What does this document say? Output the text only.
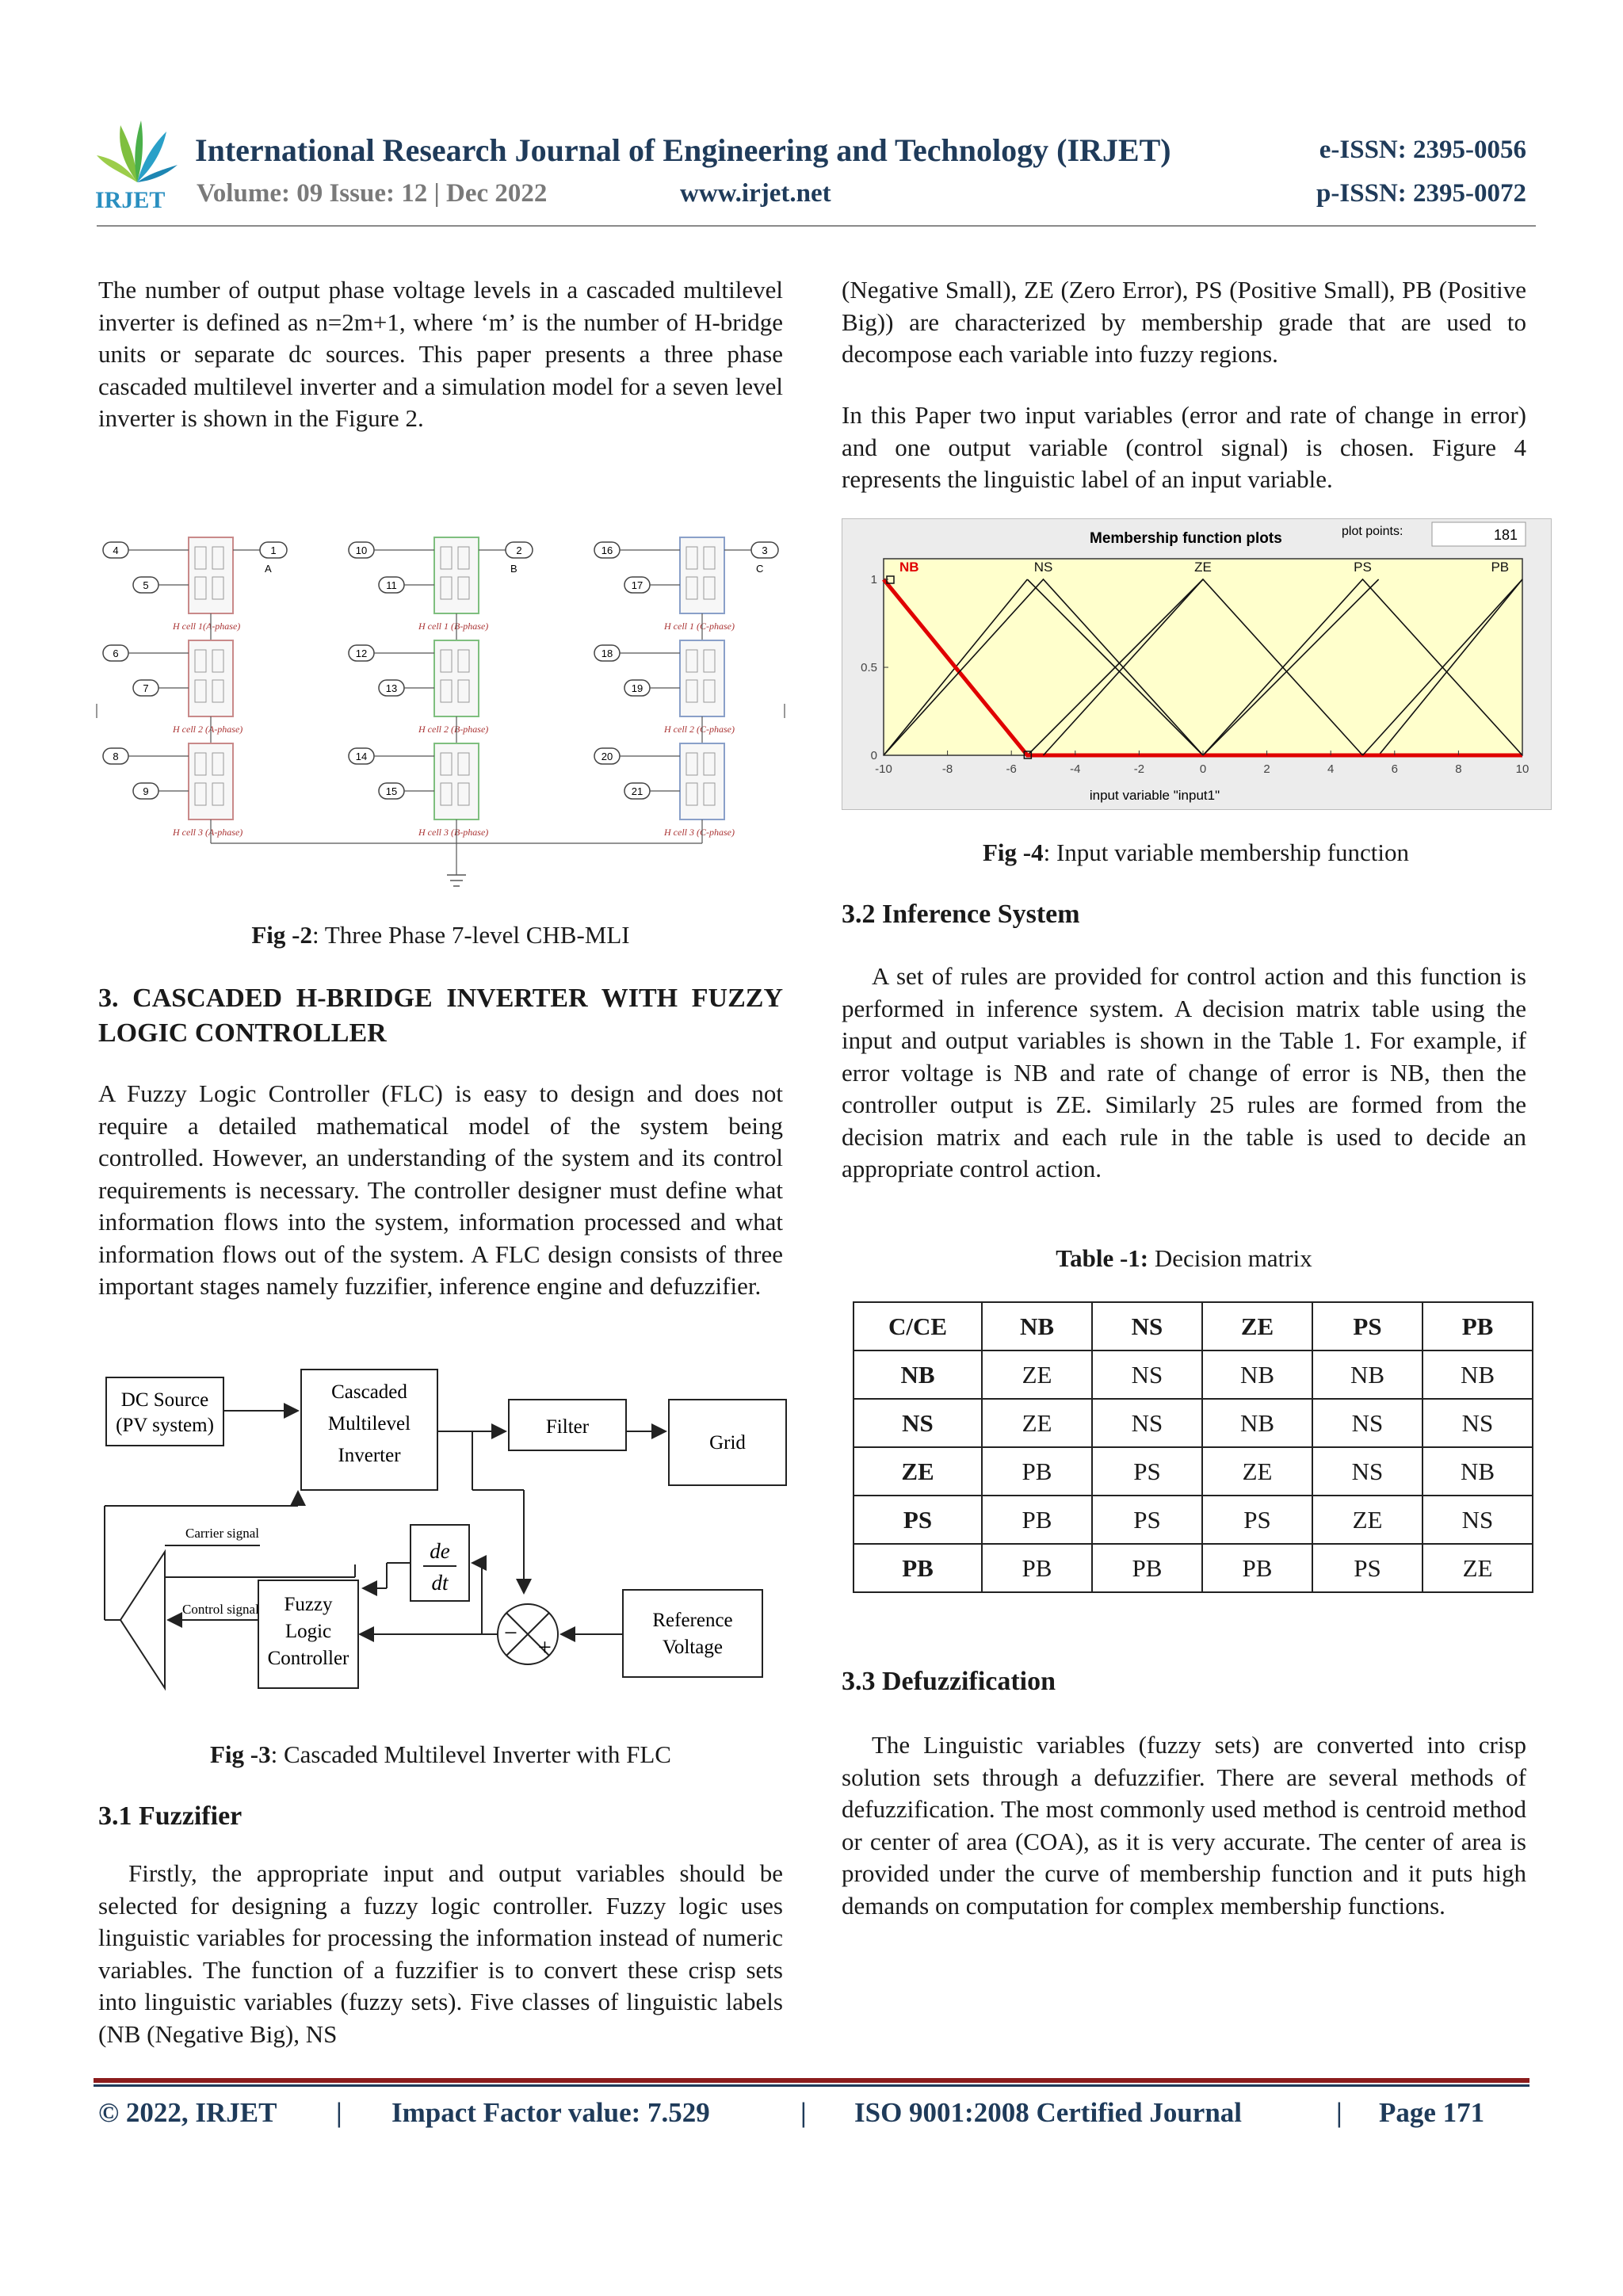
IRJET
International Research Journal of Engineering and Technology (IRJET)	e-ISSN: 2395-0056
Volume: 09 Issue: 12 | Dec 2022	www.irjet.net	p-ISSN: 2395-0072
The number of output phase voltage levels in a cascaded multilevel inverter is defined as n=2m+1, where ‘m’ is the number of H-bridge units or separate dc sources. This paper presents a three phase cascaded multilevel inverter and a simulation model for a seven level inverter is shown in the Figure 2.
H cell 1(A-phase)
4
5
H cell 2 (A-phase)
6
7
H cell 3 (A-phase)
8
9
1
A
H cell 1 (B-phase)
10
11
H cell 2 (B-phase)
12
13
H cell 3 (B-phase)
14
15
2
B
H cell 1 (C-phase)
16
17
H cell 2 (C-phase)
18
19
H cell 3 (C-phase)
20
21
3
C
Fig -2: Three Phase 7-level CHB-MLI
3. CASCADED H-BRIDGE INVERTER WITH FUZZY LOGIC CONTROLLER
A Fuzzy Logic Controller (FLC) is easy to design and does not require a detailed mathematical model of the system being controlled. However, an understanding of the system and its control requirements is necessary. The controller designer must define what information flows into the system, information processed and what information flows out of the system. A FLC design consists of three important stages namely fuzzifier, inference engine and defuzzifier.
DC Source
(PV system)
Cascaded
Multilevel
Inverter
Filter
Grid
−
+
Reference
Voltage
de
dt
Fuzzy
Logic
Controller
Control signal
Carrier signal
Fig -3: Cascaded Multilevel Inverter with FLC
3.1 Fuzzifier
Firstly, the appropriate input and output variables should be selected for designing a fuzzy logic controller. Fuzzy logic uses linguistic variables for processing the information instead of numeric variables. The function of a fuzzifier is to convert these crisp sets into linguistic variables (fuzzy sets). Five classes of linguistic labels (NB (Negative Big), NS
(Negative Small), ZE (Zero Error), PS (Positive Small), PB (Positive Big)) are characterized by membership grade that are used to decompose each variable into fuzzy regions.
In this Paper two input variables (error and rate of change in error) and one output variable (control signal) is chosen. Figure 4 represents the linguistic label of an input variable.
Membership function plots	plot points:	181
NB	NS	ZE	PS	PB
-10	-8	-6	-4	-2	0	2	4	6	8	10
0
0.5
1
input variable "input1"
Fig -4: Input variable membership function
3.2 Inference System
A set of rules are provided for control action and this function is performed in inference system. A decision matrix table using the input and output variables is shown in the Table 1. For example, if error voltage is NB and rate of change of error is NB, then the controller output is ZE. Similarly 25 rules are formed from the decision matrix and each rule in the table is used to decide an appropriate control action.
Table -1: Decision matrix
C/CE	NB	NS	ZE	PS	PB
NB	ZE	NS	NB	NB	NB
NS	ZE	NS	NB	NS	NS
ZE	PB	PS	ZE	NS	NB
PS	PB	PS	PS	ZE	NS
PB	PB	PB	PB	PS	ZE
3.3 Defuzzification
The Linguistic variables (fuzzy sets) are converted into crisp solution sets through a defuzzifier. There are several methods of defuzzification. The most commonly used method is centroid method or center of area (COA), as it is very accurate. The center of area is provided under the curve of membership function and it puts high demands on computation for complex membership functions.
© 2022, IRJET | Impact Factor value: 7.529	| ISO 9001:2008 Certified Journal	| Page 171
